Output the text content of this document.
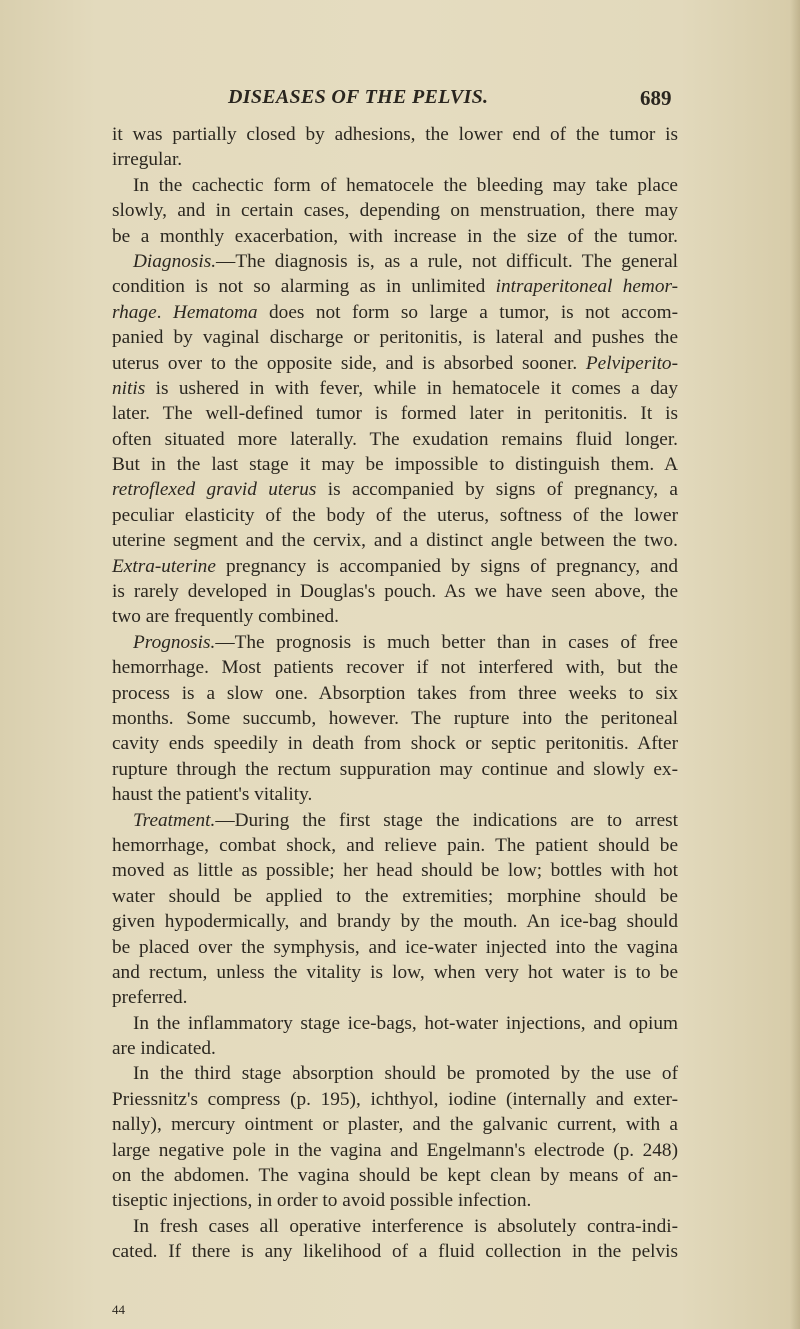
DISEASES OF THE PELVIS.	689
it was partially closed by adhesions, the lower end of the tumor is
irregular.
In the cachectic form of hematocele the bleeding may take place
slowly, and in certain cases, depending on menstruation, there may
be a monthly exacerbation, with increase in the size of the tumor.
Diagnosis.—The diagnosis is, as a rule, not difficult. The general
condition is not so alarming as in unlimited intraperitoneal hemor-
rhage. Hematoma does not form so large a tumor, is not accom-
panied by vaginal discharge or peritonitis, is lateral and pushes the
uterus over to the opposite side, and is absorbed sooner. Pelviperito-
nitis is ushered in with fever, while in hematocele it comes a day
later. The well-defined tumor is formed later in peritonitis. It is
often situated more laterally. The exudation remains fluid longer.
But in the last stage it may be impossible to distinguish them. A
retroflexed gravid uterus is accompanied by signs of pregnancy, a
peculiar elasticity of the body of the uterus, softness of the lower
uterine segment and the cervix, and a distinct angle between the two.
Extra-uterine pregnancy is accompanied by signs of pregnancy, and
is rarely developed in Douglas's pouch. As we have seen above, the
two are frequently combined.
Prognosis.—The prognosis is much better than in cases of free
hemorrhage. Most patients recover if not interfered with, but the
process is a slow one. Absorption takes from three weeks to six
months. Some succumb, however. The rupture into the peritoneal
cavity ends speedily in death from shock or septic peritonitis. After
rupture through the rectum suppuration may continue and slowly ex-
haust the patient's vitality.
Treatment.—During the first stage the indications are to arrest
hemorrhage, combat shock, and relieve pain. The patient should be
moved as little as possible; her head should be low; bottles with hot
water should be applied to the extremities; morphine should be
given hypodermically, and brandy by the mouth. An ice-bag should
be placed over the symphysis, and ice-water injected into the vagina
and rectum, unless the vitality is low, when very hot water is to be
preferred.
In the inflammatory stage ice-bags, hot-water injections, and opium
are indicated.
In the third stage absorption should be promoted by the use of
Priessnitz's compress (p. 195), ichthyol, iodine (internally and exter-
nally), mercury ointment or plaster, and the galvanic current, with a
large negative pole in the vagina and Engelmann's electrode (p. 248)
on the abdomen. The vagina should be kept clean by means of an-
tiseptic injections, in order to avoid possible infection.
In fresh cases all operative interference is absolutely contra-indi-
cated. If there is any likelihood of a fluid collection in the pelvis
44
